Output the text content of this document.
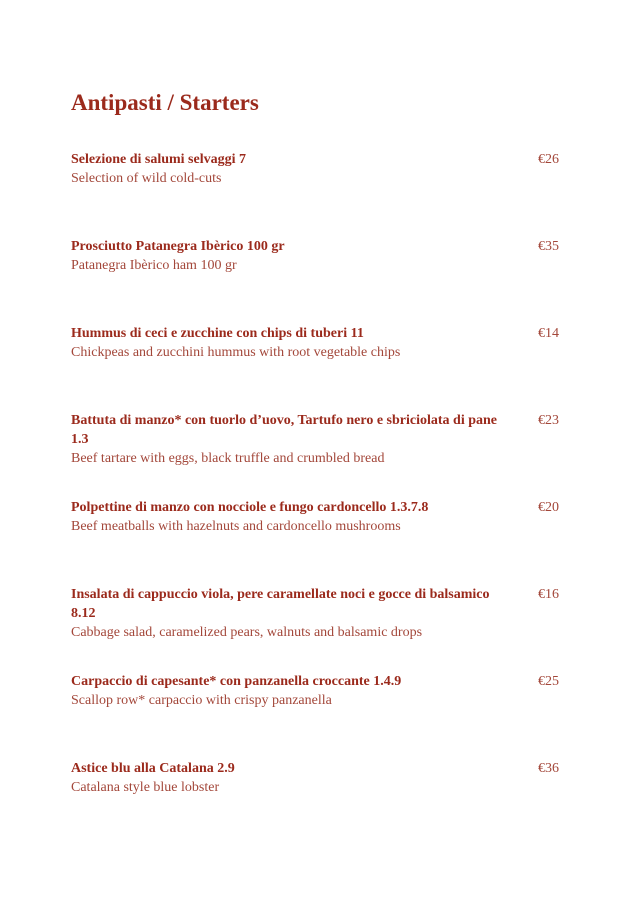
Antipasti / Starters
Selezione di salumi selvaggi 7
Selection of wild cold-cuts
€26
Prosciutto Patanegra Ibèrico 100 gr
Patanegra Ibèrico ham 100 gr
€35
Hummus di ceci e zucchine con chips di tuberi 11
Chickpeas and zucchini hummus with root vegetable chips
€14
Battuta di manzo* con tuorlo d’uovo, Tartufo nero e sbriciolata di pane 1.3
Beef tartare with eggs, black truffle and crumbled bread
€23
Polpettine di manzo con nocciole e fungo cardoncello 1.3.7.8
Beef meatballs with hazelnuts and cardoncello mushrooms
€20
Insalata di cappuccio viola, pere caramellate noci e gocce di balsamico 8.12
Cabbage salad, caramelized pears, walnuts and balsamic drops
€16
Carpaccio di capesante* con panzanella croccante 1.4.9
Scallop row* carpaccio with crispy panzanella
€25
Astice blu alla Catalana 2.9
Catalana style blue lobster
€36
